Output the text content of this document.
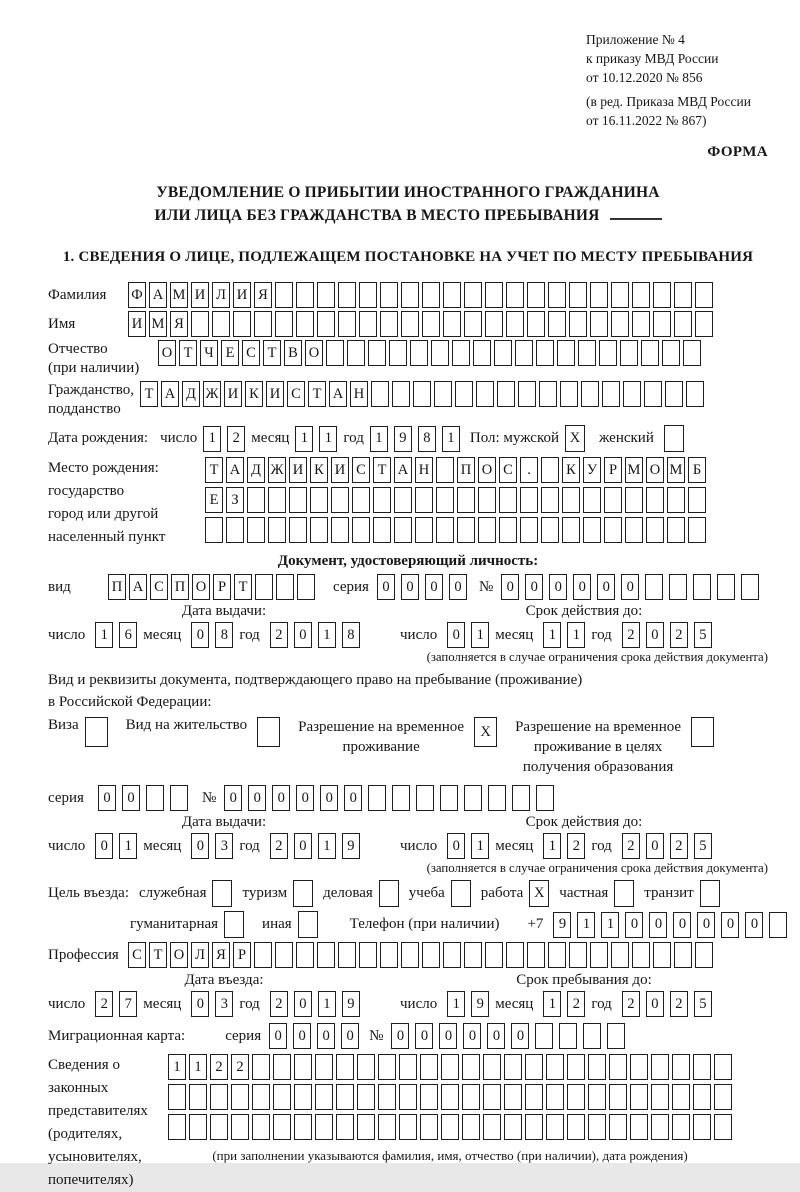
Приложение № 4
к приказу МВД России
от 10.12.2020 № 856
(в ред. Приказа МВД России
от 16.11.2022 № 867)
ФОРМА
УВЕДОМЛЕНИЕ О ПРИБЫТИИ ИНОСТРАННОГО ГРАЖДАНИНА
ИЛИ ЛИЦА БЕЗ ГРАЖДАНСТВА В МЕСТО ПРЕБЫВАНИЯ
1. СВЕДЕНИЯ О ЛИЦЕ, ПОДЛЕЖАЩЕМ ПОСТАНОВКЕ НА УЧЕТ ПО МЕСТУ ПРЕБЫВАНИЯ
Фамилия	Ф А М И Л И Я
Имя	И М Я
Отчество
(при наличии)
О Т Ч Е С Т В О
Гражданство,
подданство
Т А Д Ж И К И С Т А Н
Дата рождения: число 1	2 месяц 1	1 год 1	9	8	1	Пол: мужской X	женский
Место рождения:
государство
город или другой
населенный пункт
Т А Д Ж И К И С Т А Н П О С .	К У Р М О М Б
Е З
Документ, удостоверяющий личность:
вид	П А С П О Р Т	серия 0	0	0	0	№ 0	0	0	0	0	0
Дата выдачи:
число	1	6 месяц	0	8 год	2	0	1	8
Срок действия до:
число	0	1 месяц	1	1 год	2	0	2	5
(заполняется в случае ограничения срока действия документа)
Вид и реквизиты документа, подтверждающего право на пребывание (проживание)
в Российской Федерации:
Виза	Вид на жительство	Разрешение на временное
проживание
X	Разрешение на временное
проживание в целях
получения образования
серия	0	0	№ 0	0	0	0	0	0
Дата выдачи:
число	0	1 месяц	0	3 год	2	0	1	9
Срок действия до:
число	0	1 месяц	1	2 год	2	0	2	5
(заполняется в случае ограничения срока действия документа)
Цель въезда: служебная туризм деловая учеба работа X частная транзит
гуманитарная	иная	Телефон (при наличии) +7	9	1	1	0	0	0	0	0	0
Профессия С Т О Л Я Р
Дата въезда:
число	2	7 месяц	0	3 год	2	0	1	9
Срок пребывания до:
число	1	9 месяц	1	2 год	2	0	2	5
Миграционная карта:	серия 0	0	0	0	№ 0	0	0	0	0	0
Сведения о
законных
представителях
(родителях,
усыновителях,
попечителях)
1 1 2 2
(при заполнении указываются фамилия, имя, отчество (при наличии), дата рождения)
